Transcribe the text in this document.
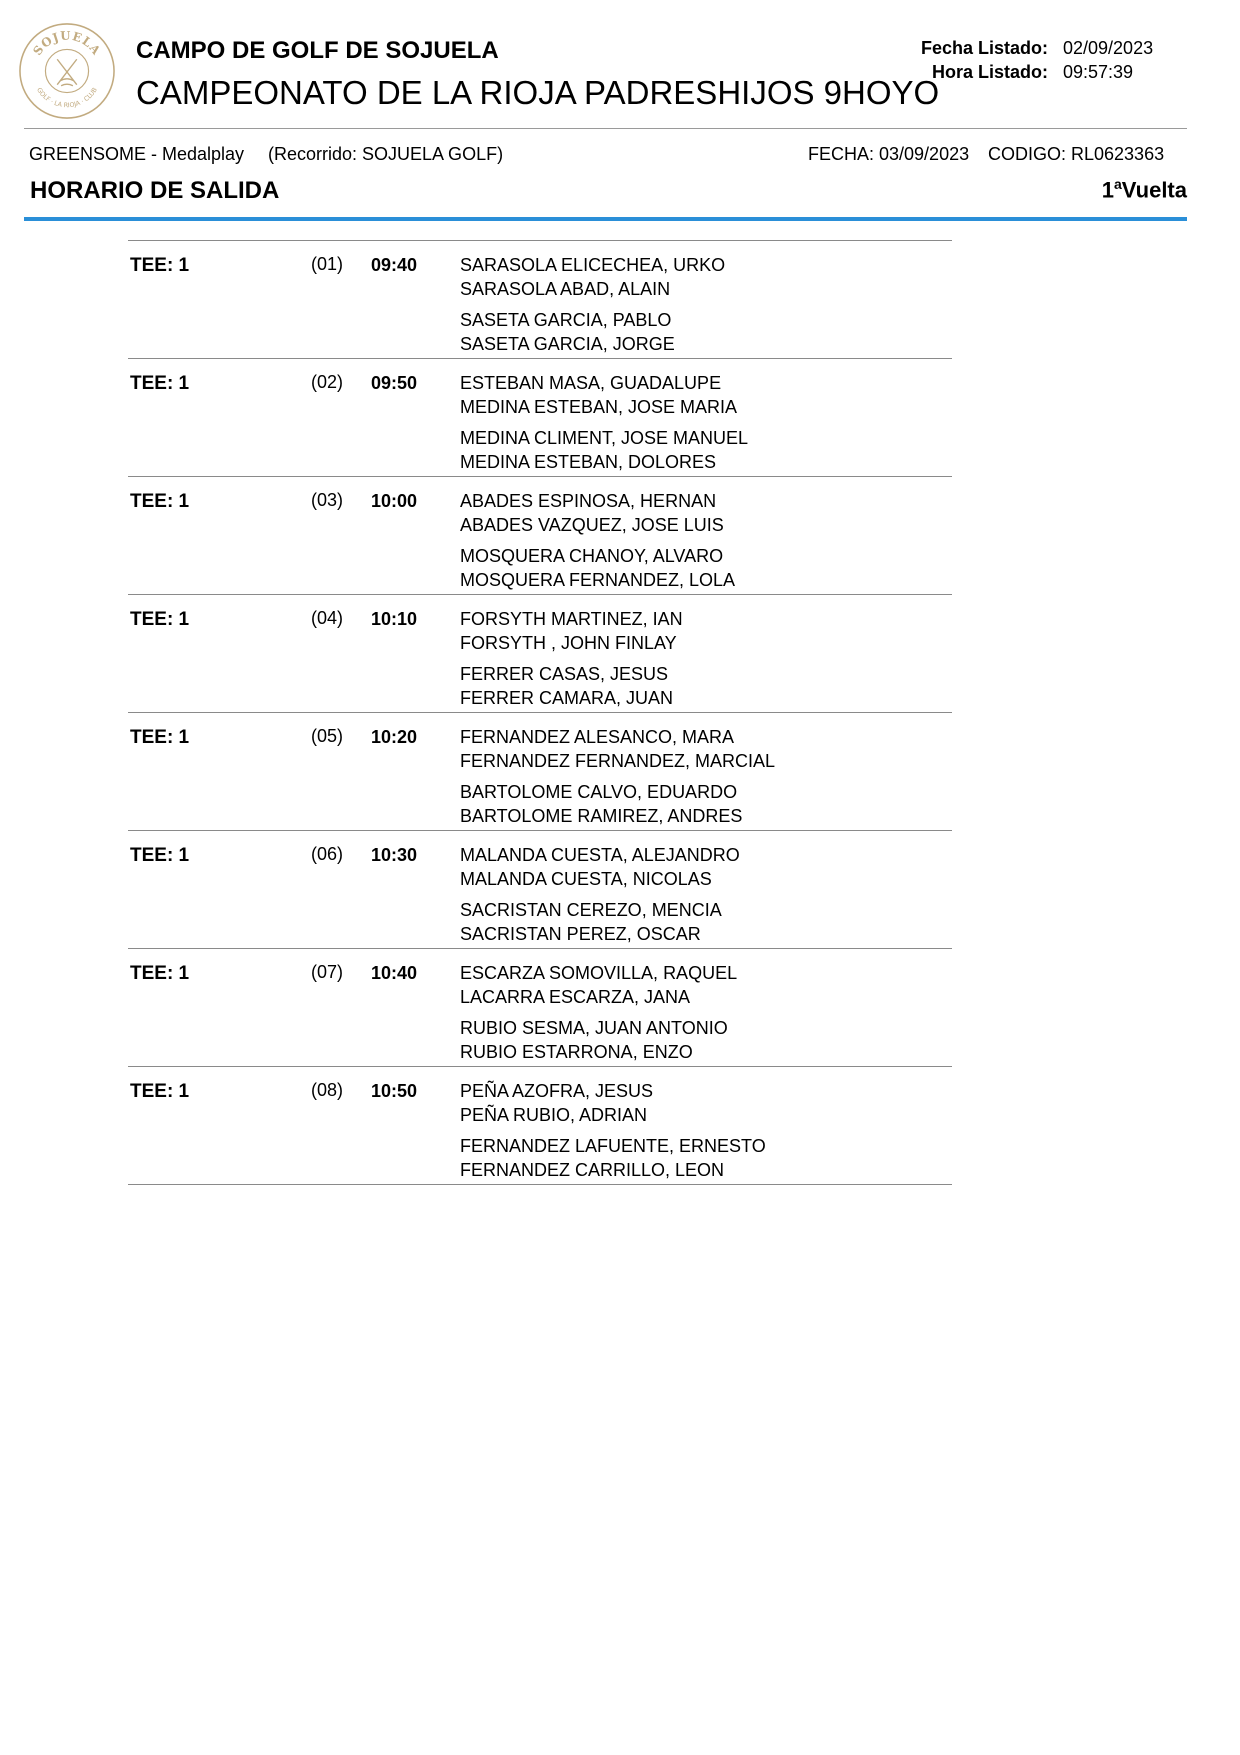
SOJUELA
GOLF · LA RIOJA · CLUB
CAMPO DE GOLF DE SOJUELA
CAMPEONATO DE LA RIOJA PADRESHIJOS 9HOYO
Fecha Listado: 02/09/2023
Hora Listado: 09:57:39
GREENSOME - Medalplay (Recorrido: SOJUELA GOLF)	FECHA: 03/09/2023 CODIGO: RL0623363
HORARIO DE SALIDA	1$^a$Vuelta
TEE: 1	(01) 09:40 SARASOLA ELICECHEA, URKO
SARASOLA ABAD, ALAIN
SASETA GARCIA, PABLO
SASETA GARCIA, JORGE
TEE: 1	(02) 09:50 ESTEBAN MASA, GUADALUPE
MEDINA ESTEBAN, JOSE MARIA
MEDINA CLIMENT, JOSE MANUEL
MEDINA ESTEBAN, DOLORES
TEE: 1	(03) 10:00 ABADES ESPINOSA, HERNAN
ABADES VAZQUEZ, JOSE LUIS
MOSQUERA CHANOY, ALVARO
MOSQUERA FERNANDEZ, LOLA
TEE: 1	(04) 10:10 FORSYTH MARTINEZ, IAN
FORSYTH , JOHN FINLAY
FERRER CASAS, JESUS
FERRER CAMARA, JUAN
TEE: 1	(05) 10:20 FERNANDEZ ALESANCO, MARA
FERNANDEZ FERNANDEZ, MARCIAL
BARTOLOME CALVO, EDUARDO
BARTOLOME RAMIREZ, ANDRES
TEE: 1	(06) 10:30 MALANDA CUESTA, ALEJANDRO
MALANDA CUESTA, NICOLAS
SACRISTAN CEREZO, MENCIA
SACRISTAN PEREZ, OSCAR
TEE: 1	(07) 10:40 ESCARZA SOMOVILLA, RAQUEL
LACARRA ESCARZA, JANA
RUBIO SESMA, JUAN ANTONIO
RUBIO ESTARRONA, ENZO
TEE: 1	(08) 10:50 PEÑA AZOFRA, JESUS
PEÑA RUBIO, ADRIAN
FERNANDEZ LAFUENTE, ERNESTO
FERNANDEZ CARRILLO, LEON
